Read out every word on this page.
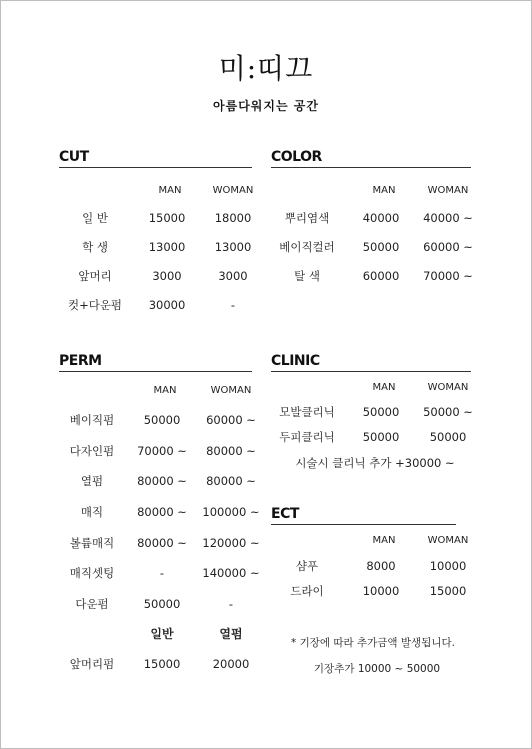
미:띠끄
아름다워지는 공간
CUT
MAN	WOMAN
일 반	15000	18000
학 생	13000	13000
앞머리	3000	3000
컷+다운펌 30000	-
COLOR
MAN	WOMAN
뿌리염색	40000 40000 ~
베이직컬러 50000 60000 ~
탈 색	60000 70000 ~
PERM
MAN	WOMAN
베이직펌	50000 60000 ~
다자인펌 70000 ~ 80000 ~
열펌	80000 ~ 80000 ~
매직	80000 ~ 100000 ~
볼륨매직 80000 ~ 120000 ~
매직셋팅	-	140000 ~
다운펌	50000	-
일반	열펌
앞머리펌	15000	20000
CLINIC
MAN	WOMAN
모발클리닉 50000 50000 ~
두피클리닉 50000	50000
시술시 클리닉 추가 +30000 ~
ECT
MAN	WOMAN
샴푸	8000	10000
드라이	10000	15000
* 기장에 따라 추가금액 발생됩니다.
기장추가 10000 ~ 50000
